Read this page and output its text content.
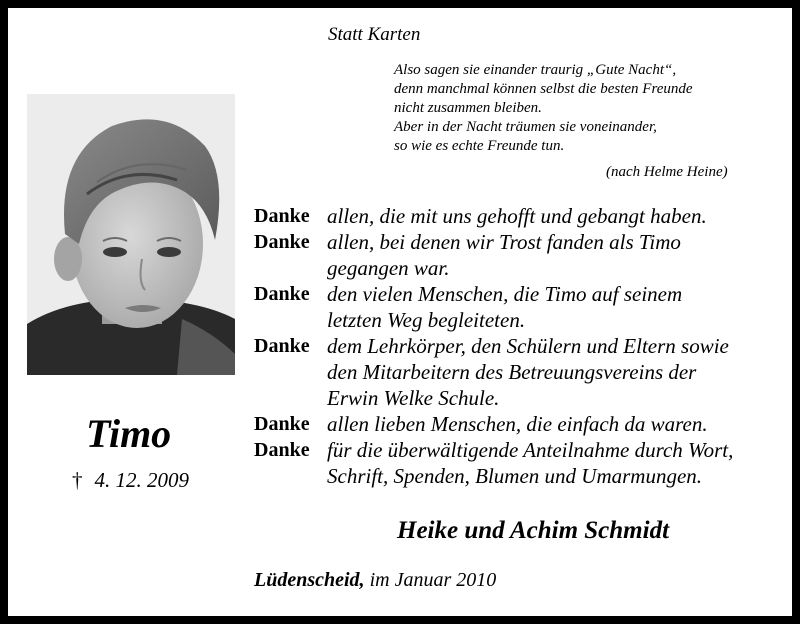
Statt Karten
Also sagen sie einander traurig „Gute Nacht“,
denn manchmal können selbst die besten Freunde
nicht zusammen bleiben.
Aber in der Nacht träumen sie voneinander,
so wie es echte Freunde tun.
(nach Helme Heine)
Timo
† 4. 12. 2009
Danke allen, die mit uns gehofft und gebangt haben.
Danke allen, bei denen wir Trost fanden als Timo
gegangen war.
Danke den vielen Menschen, die Timo auf seinem
letzten Weg begleiteten.
Danke dem Lehrkörper, den Schülern und Eltern sowie
den Mitarbeitern des Betreuungsvereins der
Erwin Welke Schule.
Danke allen lieben Menschen, die einfach da waren.
Danke für die überwältigende Anteilnahme durch Wort,
Schrift, Spenden, Blumen und Umarmungen.
Heike und Achim Schmidt
Lüdenscheid, im Januar 2010
